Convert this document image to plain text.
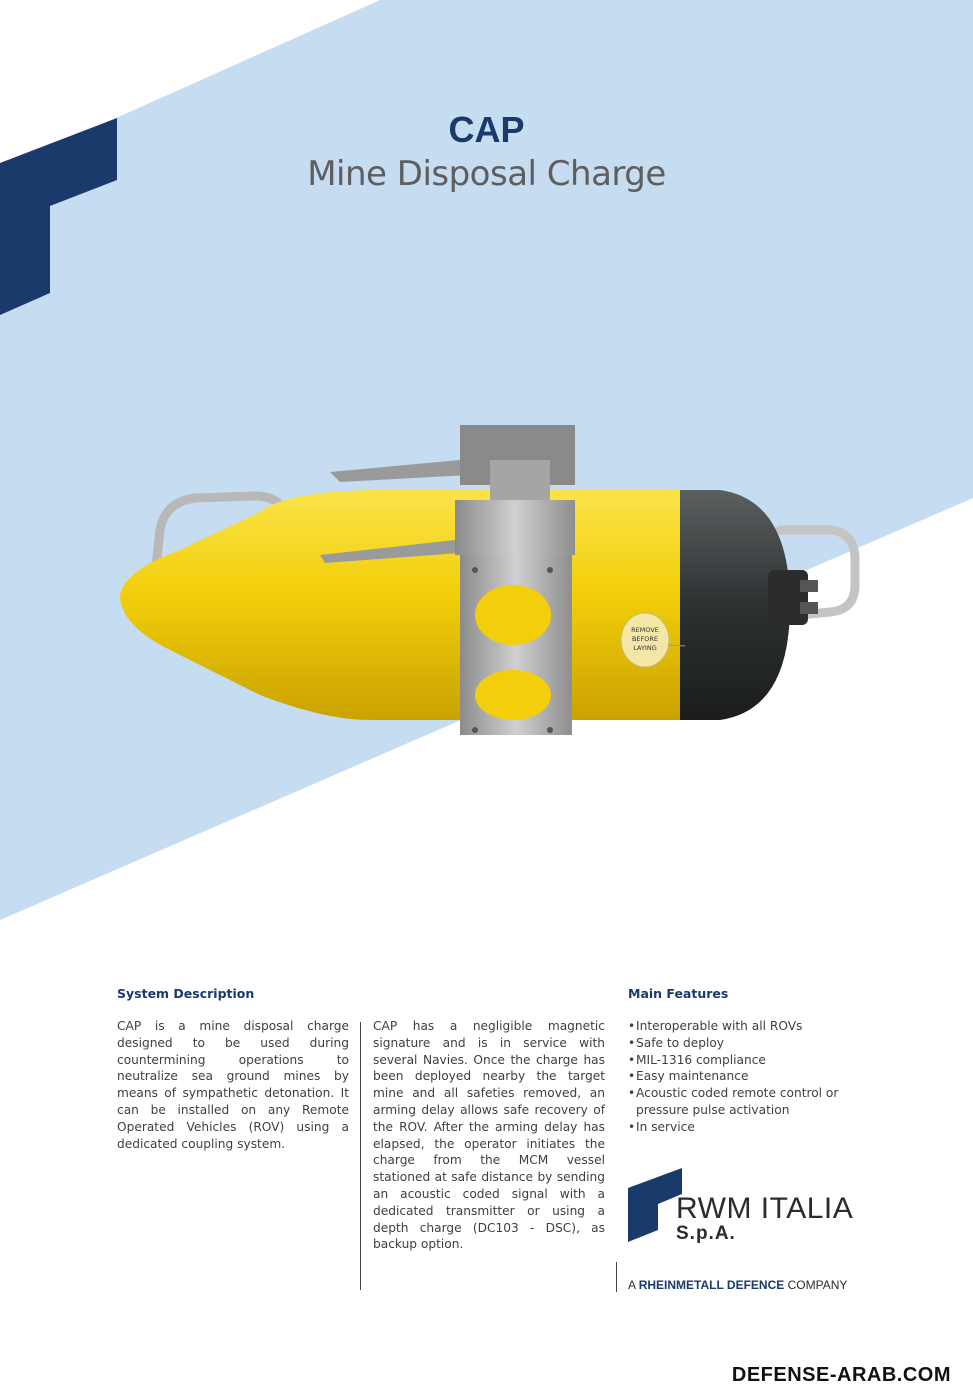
CAP
Mine Disposal Charge
REMOVE
BEFORE
LAYING
System Description

CAP is a mine disposal charge designed to be used during countermining operations to neutralize sea ground mines by means of sympathetic detonation. It can be installed on any Remote Operated Vehicles (ROV) using a dedicated coupling system.

CAP has a negligible magnetic signature and is in service with several Navies. Once the charge has been deployed nearby the target mine and all safeties removed, an arming delay allows safe recovery of the ROV. After the arming delay has elapsed, the operator initiates the charge from the MCM vessel stationed at safe distance by sending an acoustic coded signal with a dedicated transmitter or using a depth charge (DC103 - DSC), as backup option.

Main Features
• Interoperable with all ROVs
• Safe to deploy
• MIL-1316 compliance
• Easy maintenance
• Acoustic coded remote control or pressure pulse activation
• In service
RWM ITALIA
S.p.A.
A RHEINMETALL DEFENCE COMPANY
DEFENSE-ARAB.COM
